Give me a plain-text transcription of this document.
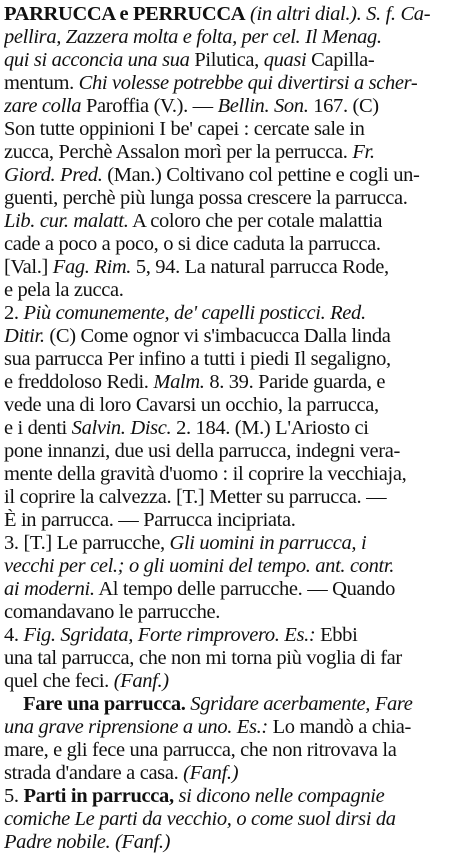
PARRUCCA e PERRUCCA (in altri dial.). S. f. Ca-
pellira, Zazzera molta e folta, per cel. Il Menag.
qui si acconcia una sua Pilutica, quasi Capilla-
mentum. Chi volesse potrebbe qui divertirsi a scher-
zare colla Paroffia (V.). — Bellin. Son. 167. (C)
Son tutte oppinioni I be' capei : cercate sale in
zucca, Perchè Assalon morì per la perrucca. Fr.
Giord. Pred. (Man.) Coltivano col pettine e cogli un-
guenti, perchè più lunga possa crescere la parrucca.
Lib. cur. malatt. A coloro che per cotale malattia
cade a poco a poco, o si dice caduta la parrucca.
[Val.] Fag. Rim. 5, 94. La natural parrucca Rode,
e pela la zucca.
2. Più comunemente, de' capelli posticci. Red.
Ditir. (C) Come ognor vi s'imbacucca Dalla linda
sua parrucca Per infino a tutti i piedi Il segaligno,
e freddoloso Redi. Malm. 8. 39. Paride guarda, e
vede una di loro Cavarsi un occhio, la parrucca,
e i denti Salvin. Disc. 2. 184. (M.) L'Ariosto ci
pone innanzi, due usi della parrucca, indegni vera-
mente della gravità d'uomo : il coprire la vecchiaja,
il coprire la calvezza. [T.] Metter su parrucca. —
È in parrucca. — Parrucca incipriata.
3. [T.] Le parrucche, Gli uomini in parrucca, i
vecchi per cel.; o gli uomini del tempo. ant. contr.
ai moderni. Al tempo delle parrucche. — Quando
comandavano le parrucche.
4. Fig. Sgridata, Forte rimprovero. Es.: Ebbi
una tal parrucca, che non mi torna più voglia di far
quel che feci. (Fanf.)
Fare una parrucca. Sgridare acerbamente, Fare
una grave riprensione a uno. Es.: Lo mandò a chia-
mare, e gli fece una parrucca, che non ritrovava la
strada d'andare a casa. (Fanf.)
5. Parti in parrucca, si dicono nelle compagnie
comiche Le parti da vecchio, o come suol dirsi da
Padre nobile. (Fanf.)
